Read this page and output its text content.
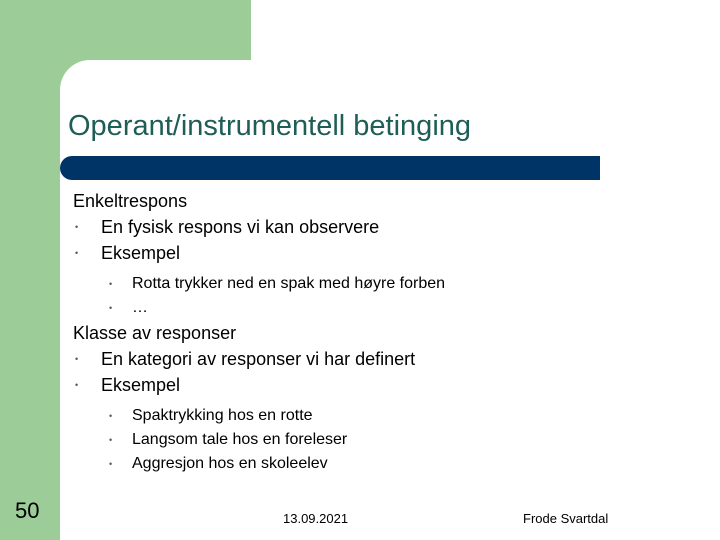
Operant/instrumentell betinging
Enkeltrespons
• En fysisk respons vi kan observere
• Eksempel
• Rotta trykker ned en spak med høyre forben
• …
Klasse av responser
• En kategori av responser vi har definert
• Eksempel
• Spaktrykking hos en rotte
• Langsom tale hos en foreleser
• Aggresjon hos en skoleelev
50	13.09.2021	Frode Svartdal
